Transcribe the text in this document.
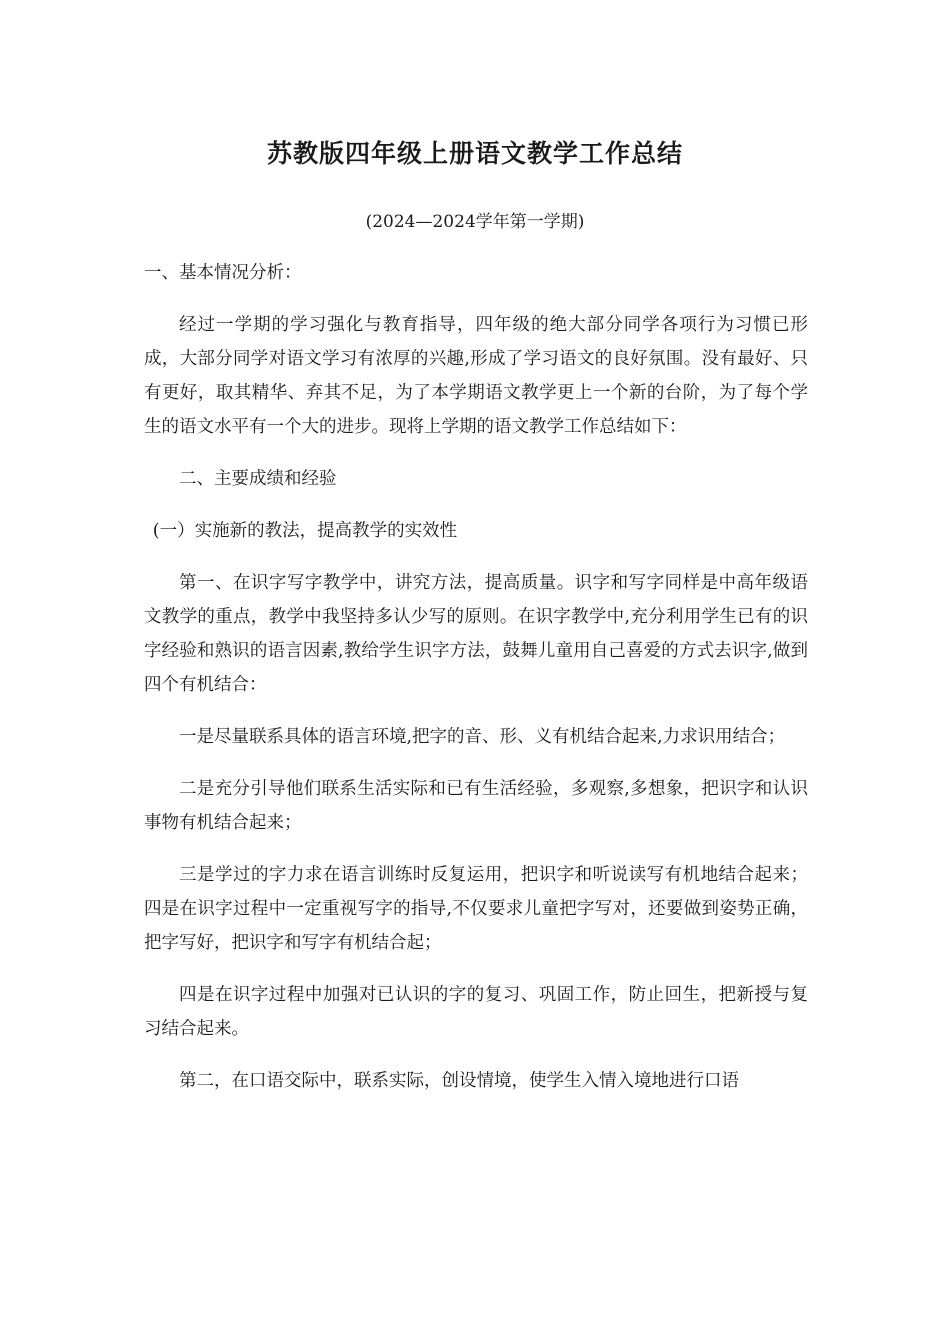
苏教版四年级上册语文教学工作总结

(2024—2024学年第一学期)

一、基本情况分析：

经过一学期的学习强化与教育指导，四年级的绝大部分同学各项行为习惯已形成，大部分同学对语文学习有浓厚的兴趣,形成了学习语文的良好氛围。没有最好、只有更好，取其精华、弃其不足，为了本学期语文教学更上一个新的台阶，为了每个学生的语文水平有一个大的进步。现将上学期的语文教学工作总结如下：

二、主要成绩和经验

(一）实施新的教法，提高教学的实效性

第一、在识字写字教学中，讲究方法，提高质量。识字和写字同样是中高年级语文教学的重点，教学中我坚持多认少写的原则。在识字教学中,充分利用学生已有的识字经验和熟识的语言因素,教给学生识字方法，鼓舞儿童用自己喜爱的方式去识字,做到四个有机结合：

一是尽量联系具体的语言环境,把字的音、形、义有机结合起来,力求识用结合；

二是充分引导他们联系生活实际和已有生活经验，多观察,多想象，把识字和认识事物有机结合起来；

三是学过的字力求在语言训练时反复运用，把识字和听说读写有机地结合起来；四是在识字过程中一定重视写字的指导,不仅要求儿童把字写对，还要做到姿势正确，把字写好，把识字和写字有机结合起；

四是在识字过程中加强对已认识的字的复习、巩固工作，防止回生，把新授与复习结合起来。

第二，在口语交际中，联系实际，创设情境，使学生入情入境地进行口语
